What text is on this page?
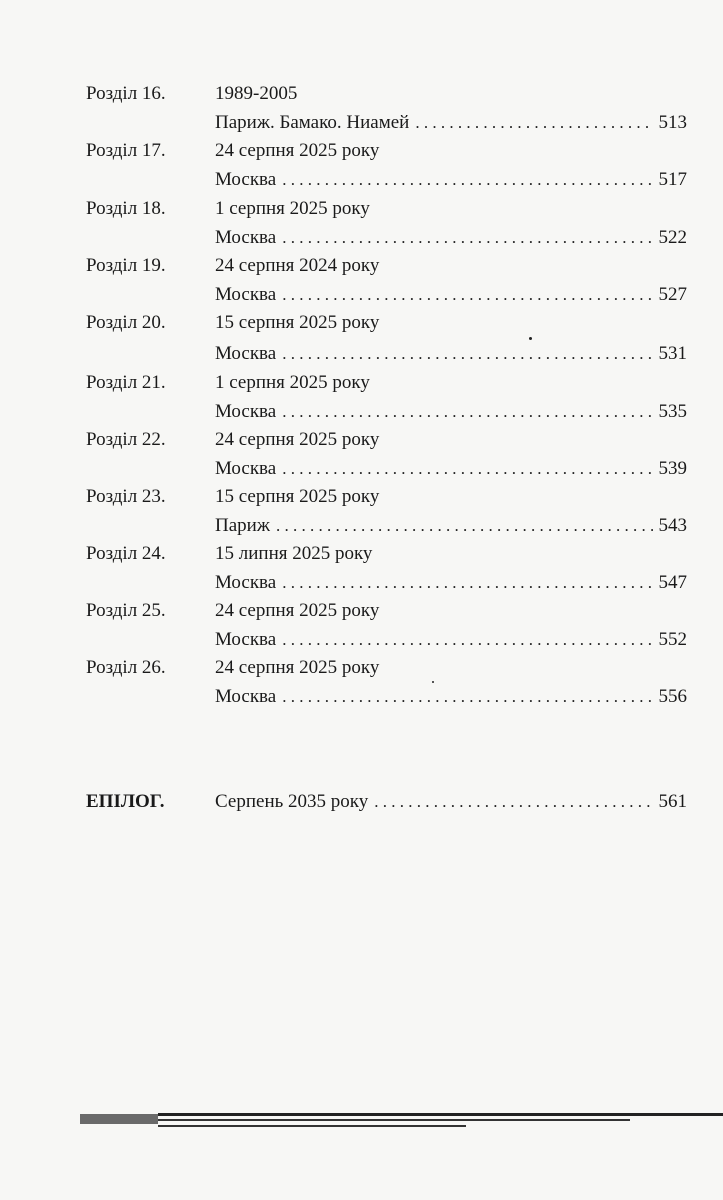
Розділ 16.	1989-2005
Париж. Бамако. Ниамей . . .	513
Розділ 17.	24 серпня 2025 року
Москва . . .	517
Розділ 18.	1 серпня 2025 року
Москва . . .	522
Розділ 19.	24 серпня 2024 року
Москва . . .	527
Розділ 20.	15 серпня 2025 року
Москва . . .	531
Розділ 21.	1 серпня 2025 року
Москва . . .	535
Розділ 22.	24 серпня 2025 року
Москва . . .	539
Розділ 23.	15 серпня 2025 року
Париж . . .	543
Розділ 24.	15 липня 2025 року
Москва . . .	547
Розділ 25.	24 серпня 2025 року
Москва . . .	552
Розділ 26.	24 серпня 2025 року
Москва . . .	556
ЕПІЛОГ.	Серпень 2035 року . . .	561
